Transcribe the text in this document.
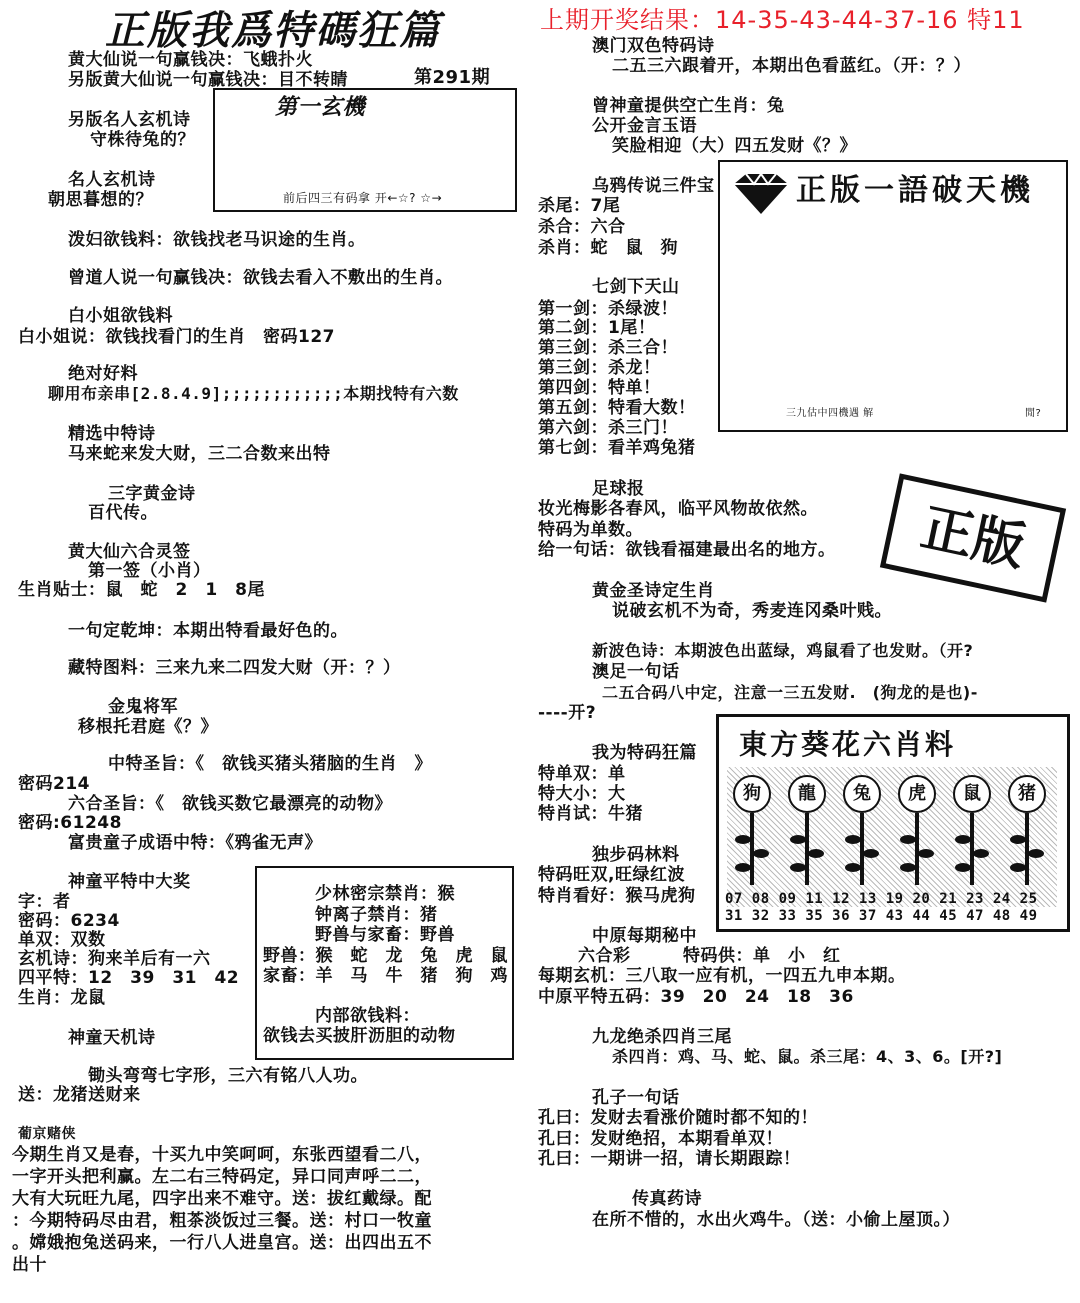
正版我爲特碼狂篇	上期开奖结果：14-35-43-44-37-16 特11
第291期
第一玄機
前后四三有码拿 开←☆? ☆→
黄大仙说一句赢钱决：飞蛾扑火
另版黄大仙说一句赢钱决：目不转睛
另版名人玄机诗
守株待兔的？
名人玄机诗
朝思暮想的？
泼妇欲钱料：欲钱找老马识途的生肖。
曾道人说一句赢钱决：欲钱去看入不敷出的生肖。
白小姐欲钱料
白小姐说：欲钱找看门的生肖　密码127
绝对好料
聊用布亲串[2.8.4.9];;;;;;;;;;;;本期找特有六数
精选中特诗
马来蛇来发大财，三二合数来出特
三字黄金诗
百代传。
黄大仙六合灵签
第一签（小肖）
生肖贴士：鼠　蛇　2　1　8尾
一句定乾坤：本期出特看最好色的。
藏特图料：三来九来二四发大财（开：？）
金鬼将军
移根托君庭《？》
中特圣旨：《　欲钱买猪头猪脑的生肖　》
密码214
六合圣旨：《　欲钱买数它最漂亮的动物》
密码:61248
富贵童子成语中特：《鸦雀无声》
神童平特中大奖
字：者
密码：6234
单双：双数
玄机诗：狗来羊后有一六
四平特：12　39　31　42
生肖：龙鼠
神童天机诗
锄头弯弯七字形，三六有铭八人功。
送：龙猪送财来
葡京赌侠
今期生肖又是春，十买九中笑呵呵，东张西望看二八，
一字开头把利赢。左二右三特码定，异口同声呼二二，
大有大玩旺九尾，四字出来不难守。送：拔红戴绿。配
：今期特码尽由君，粗茶淡饭过三餐。送：村口一牧童
。嫦娥抱兔送码来，一行八人进皇宫。送：出四出五不
出十
少林密宗禁肖：猴
钟离子禁肖：猪
野兽与家畜：野兽
野兽：猴　蛇　龙　兔　虎　鼠
家畜：羊　马　牛　猪　狗　鸡
内部欲钱料：
欲钱去买披肝沥胆的动物
澳门双色特码诗
二五三六跟着开，本期出色看蓝红。（开：？）
曾神童提供空亡生肖：兔
公开金言玉语
笑脸相迎（大）四五发财《？》
乌鸦传说三件宝
杀尾：7尾
杀合：六合
杀肖：蛇　鼠　狗
七剑下天山
第一剑：杀绿波！
第二剑：1尾！
第三剑：杀三合！
第三剑：杀龙！
第四剑：特单！
第五剑：特看大数！
第六剑：杀三门！
第七剑：看羊鸡兔猪
足球报
妆光梅影各春风，临平风物故依然。
特码为单数。
给一句话：欲钱看福建最出名的地方。
黄金圣诗定生肖
说破玄机不为奇，秀麦连冈桑叶贱。
新波色诗：本期波色出蓝绿，鸡鼠看了也发财。（开?
澳足一句话
二五合码八中定，注意一三五发财.　(狗龙的是也)-
----开?
我为特码狂篇
特单双：单
特大小：大
特肖试：牛猪
独步码林料
特码旺双,旺绿红波
特肖看好：猴马虎狗
中原每期秘中
六合彩　　　特码供：单　小　红
每期玄机：三八取一应有机，一四五九申本期。
中原平特五码：39　20　24　18　36
九龙绝杀四肖三尾
杀四肖：鸡、马、蛇、鼠。杀三尾：4、3、6。[开?]
孔子一句话
孔曰：发财去看涨价随时都不知的！
孔曰：发财绝招，本期看单双！
孔曰：一期讲一招，请长期跟踪！
传真药诗
在所不惜的，水出火鸡牛。（送：小偷上屋顶。）
正版一語破天機
三九估中四機遇 解	閒?
正版
東方葵花六肖料
狗	龍	兔	虎	鼠	猪
07 08 09 11 12 13 19 20 21 23 24 25
31 32 33 35 36 37 43 44 45 47 48 49
